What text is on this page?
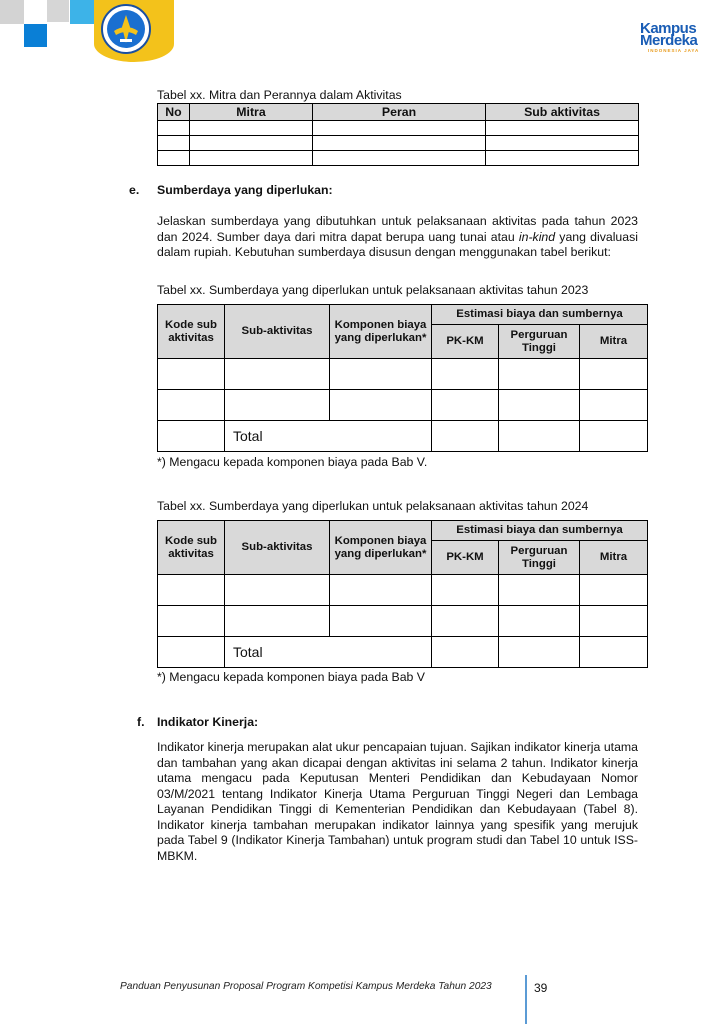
Kampus
Merdeka
INDONESIA JAYA
Tabel xx. Mitra dan Perannya dalam Aktivitas
No	Mitra	Peran	Sub aktivitas

e. Sumberdaya yang diperlukan:
Jelaskan sumberdaya yang dibutuhkan untuk pelaksanaan aktivitas pada tahun 2023 dan 2024. Sumber daya dari mitra dapat berupa uang tunai atau in-kind yang divaluasi dalam rupiah. Kebutuhan sumberdaya disusun dengan menggunakan tabel berikut:
Tabel xx. Sumberdaya yang diperlukan untuk pelaksanaan aktivitas tahun 2023
Kode sub aktivitas	Sub-aktivitas	Komponen biaya yang diperlukan*	Estimasi biaya dan sumbernya		
			PK-KM	Perguruan Tinggi	Mitra

	Total				
*) Mengacu kepada komponen biaya pada Bab V.
Tabel xx. Sumberdaya yang diperlukan untuk pelaksanaan aktivitas tahun 2024
Kode sub aktivitas	Sub-aktivitas	Komponen biaya yang diperlukan*	Estimasi biaya dan sumbernya		
			PK-KM	Perguruan Tinggi	Mitra

	Total				
*) Mengacu kepada komponen biaya pada Bab V
f. Indikator Kinerja:
Indikator kinerja merupakan alat ukur pencapaian tujuan. Sajikan indikator kinerja utama dan tambahan yang akan dicapai dengan aktivitas ini selama 2 tahun. Indikator kinerja utama mengacu pada Keputusan Menteri Pendidikan dan Kebudayaan Nomor 03/M/2021 tentang Indikator Kinerja Utama Perguruan Tinggi Negeri dan Lembaga Layanan Pendidikan Tinggi di Kementerian Pendidikan dan Kebudayaan (Tabel 8). Indikator kinerja tambahan merupakan indikator lainnya yang spesifik yang merujuk pada Tabel 9 (Indikator Kinerja Tambahan) untuk program studi dan Tabel 10 untuk ISS-MBKM.
Panduan Penyusunan Proposal Program Kompetisi Kampus Merdeka Tahun 2023	39
